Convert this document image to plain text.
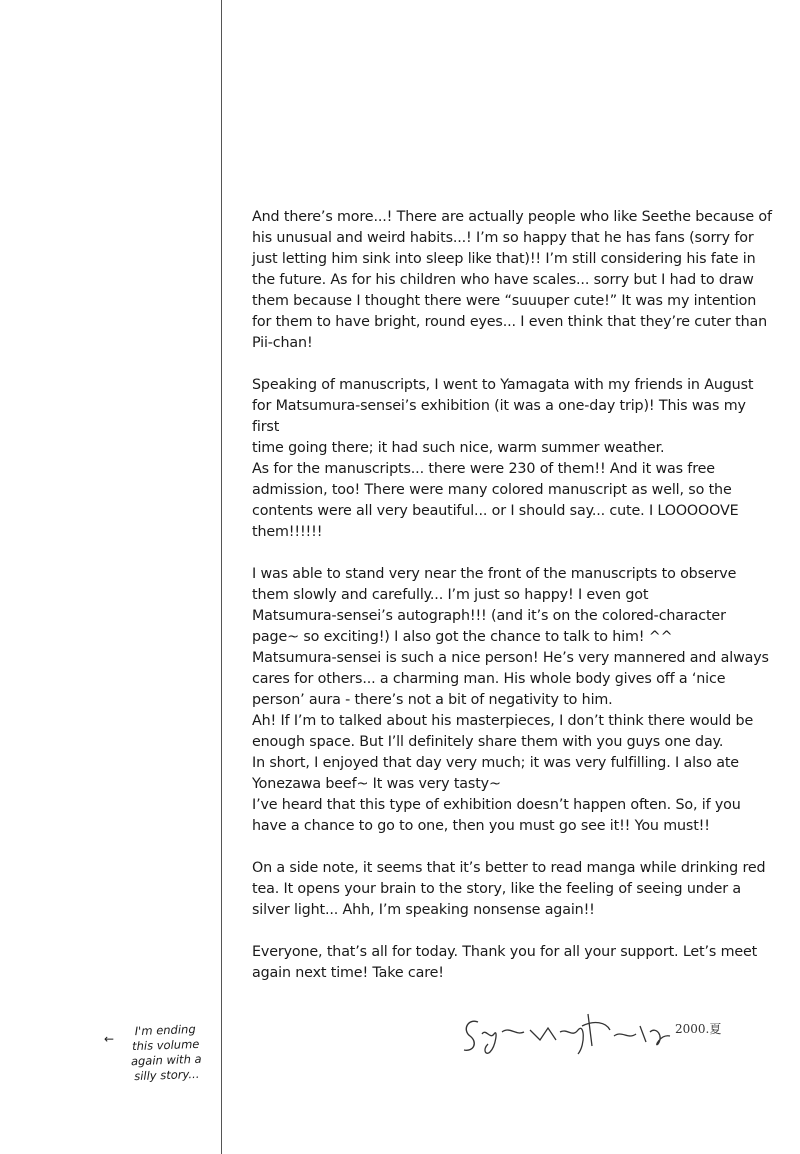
And there’s more...! There are actually people who like Seethe because of
his unusual and weird habits...! I’m so happy that he has fans (sorry for
just letting him sink into sleep like that)!! I’m still considering his fate in
the future. As for his children who have scales... sorry but I had to draw
them because I thought there were “suuuper cute!” It was my intention
for them to have bright, round eyes... I even think that they’re cuter than
Pii-chan!

Speaking of manuscripts, I went to Yamagata with my friends in August
for Matsumura-sensei’s exhibition (it was a one-day trip)! This was my first
time going there; it had such nice, warm summer weather.
As for the manuscripts... there were 230 of them!! And it was free
admission, too! There were many colored manuscript as well, so the
contents were all very beautiful... or I should say... cute. I LOOOOOVE
them!!!!!!

I was able to stand very near the front of the manuscripts to observe
them slowly and carefully... I’m just so happy! I even got
Matsumura-sensei’s autograph!!! (and it’s on the colored-character
page~ so exciting!) I also got the chance to talk to him! ^^
Matsumura-sensei is such a nice person! He’s very mannered and always
cares for others... a charming man. His whole body gives off a ‘nice
person’ aura - there’s not a bit of negativity to him.
Ah! If I’m to talked about his masterpieces, I don’t think there would be
enough space. But I’ll definitely share them with you guys one day.
In short, I enjoyed that day very much; it was very fulfilling. I also ate
Yonezawa beef~ It was very tasty~
I’ve heard that this type of exhibition doesn’t happen often. So, if you
have a chance to go to one, then you must go see it!! You must!!

On a side note, it seems that it’s better to read manga while drinking red
tea. It opens your brain to the story, like the feeling of seeing under a
silver light... Ahh, I’m speaking nonsense again!!

Everyone, that’s all for today. Thank you for all your support. Let’s meet
again next time! Take care!

←
I'm ending
this volume
again with a
silly story...
2000.夏
